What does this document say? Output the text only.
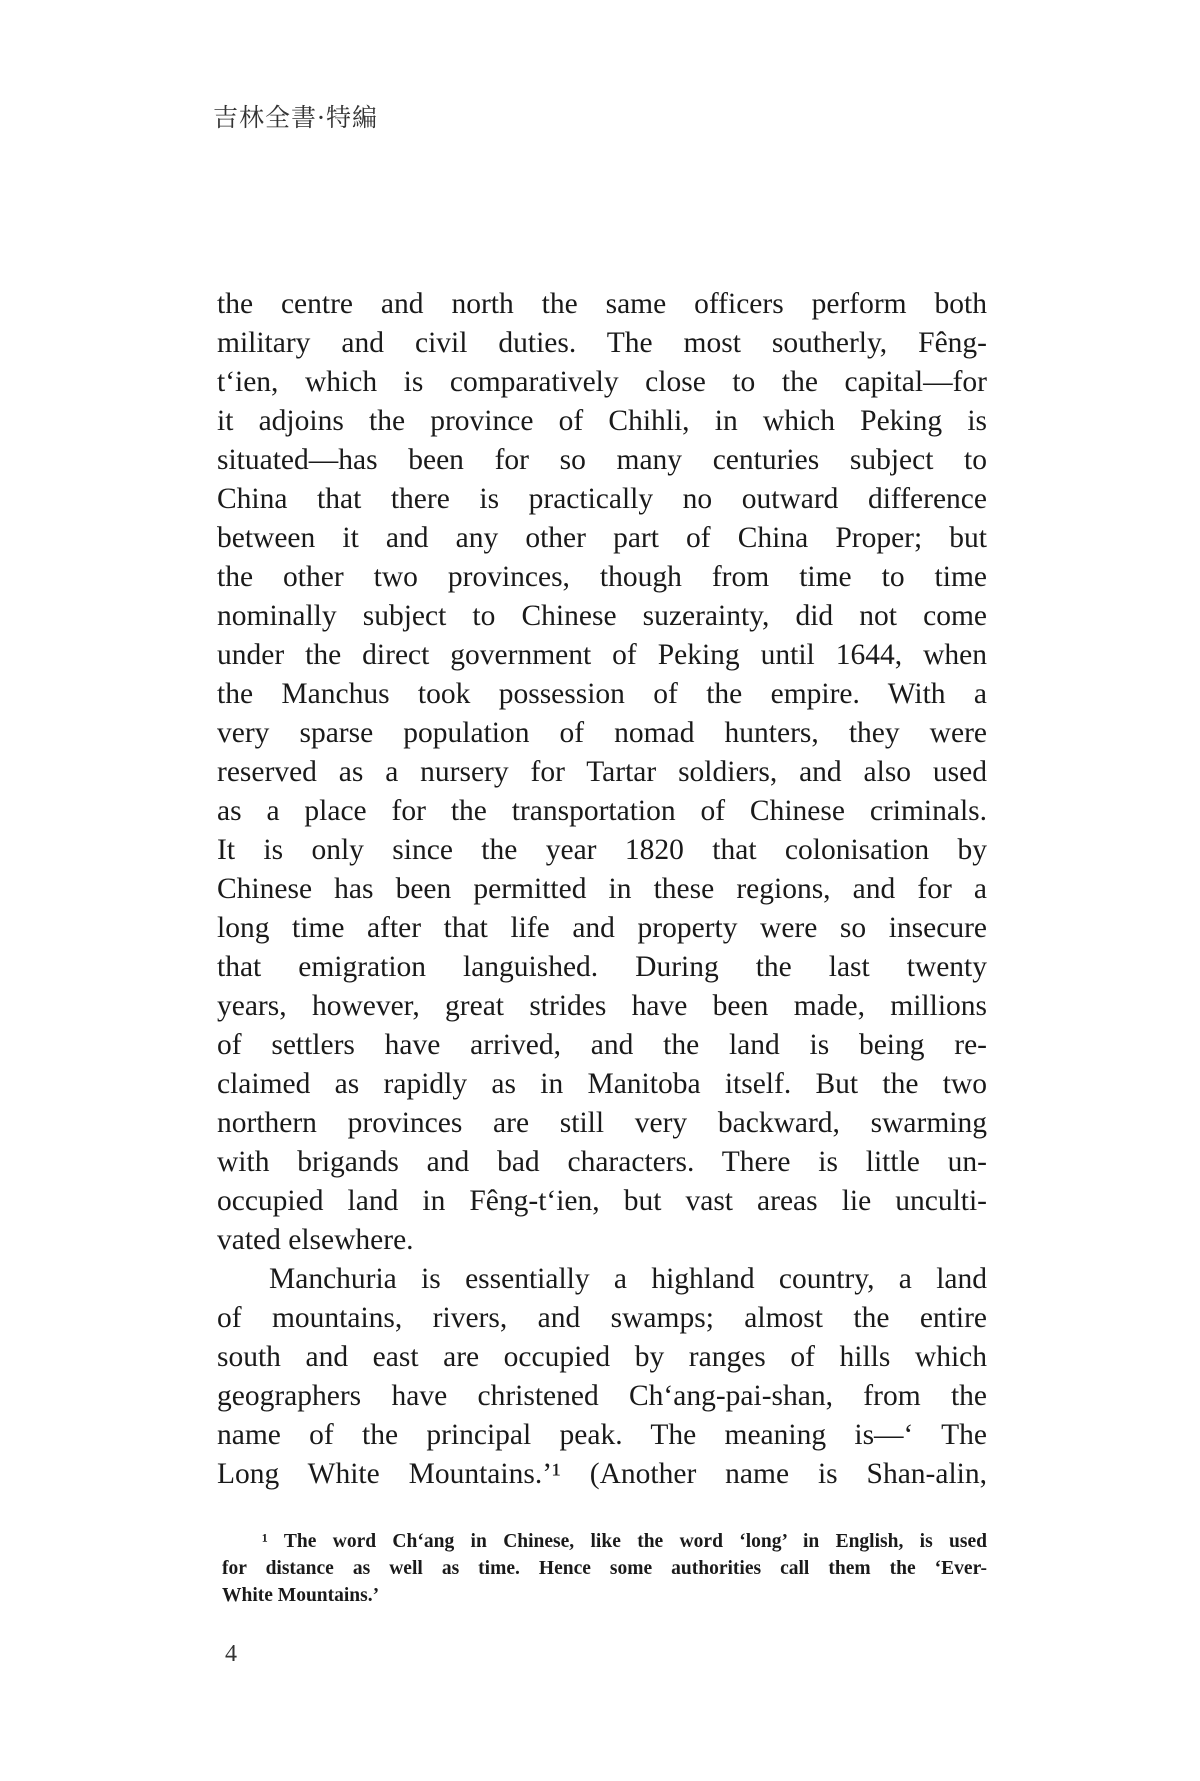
吉林全書·特編
the centre and north the same officers perform both
military and civil duties. The most southerly, Fêng-
t‘ien, which is comparatively close to the capital—for
it adjoins the province of Chihli, in which Peking is
situated—has been for so many centuries subject to
China that there is practically no outward difference
between it and any other part of China Proper; but
the other two provinces, though from time to time
nominally subject to Chinese suzerainty, did not come
under the direct government of Peking until 1644, when
the Manchus took possession of the empire. With a
very sparse population of nomad hunters, they were
reserved as a nursery for Tartar soldiers, and also used
as a place for the transportation of Chinese criminals.
It is only since the year 1820 that colonisation by
Chinese has been permitted in these regions, and for a
long time after that life and property were so insecure
that emigration languished. During the last twenty
years, however, great strides have been made, millions
of settlers have arrived, and the land is being re-
claimed as rapidly as in Manitoba itself. But the two
northern provinces are still very backward, swarming
with brigands and bad characters. There is little un-
occupied land in Fêng-t‘ien, but vast areas lie unculti-
vated elsewhere.
Manchuria is essentially a highland country, a land
of mountains, rivers, and swamps; almost the entire
south and east are occupied by ranges of hills which
geographers have christened Ch‘ang-pai-shan, from the
name of the principal peak. The meaning is—‘ The
Long White Mountains.’¹ (Another name is Shan-alin,
¹ The word Ch‘ang in Chinese, like the word ‘long’ in English, is used
for distance as well as time. Hence some authorities call them the ‘Ever-
White Mountains.’
4
